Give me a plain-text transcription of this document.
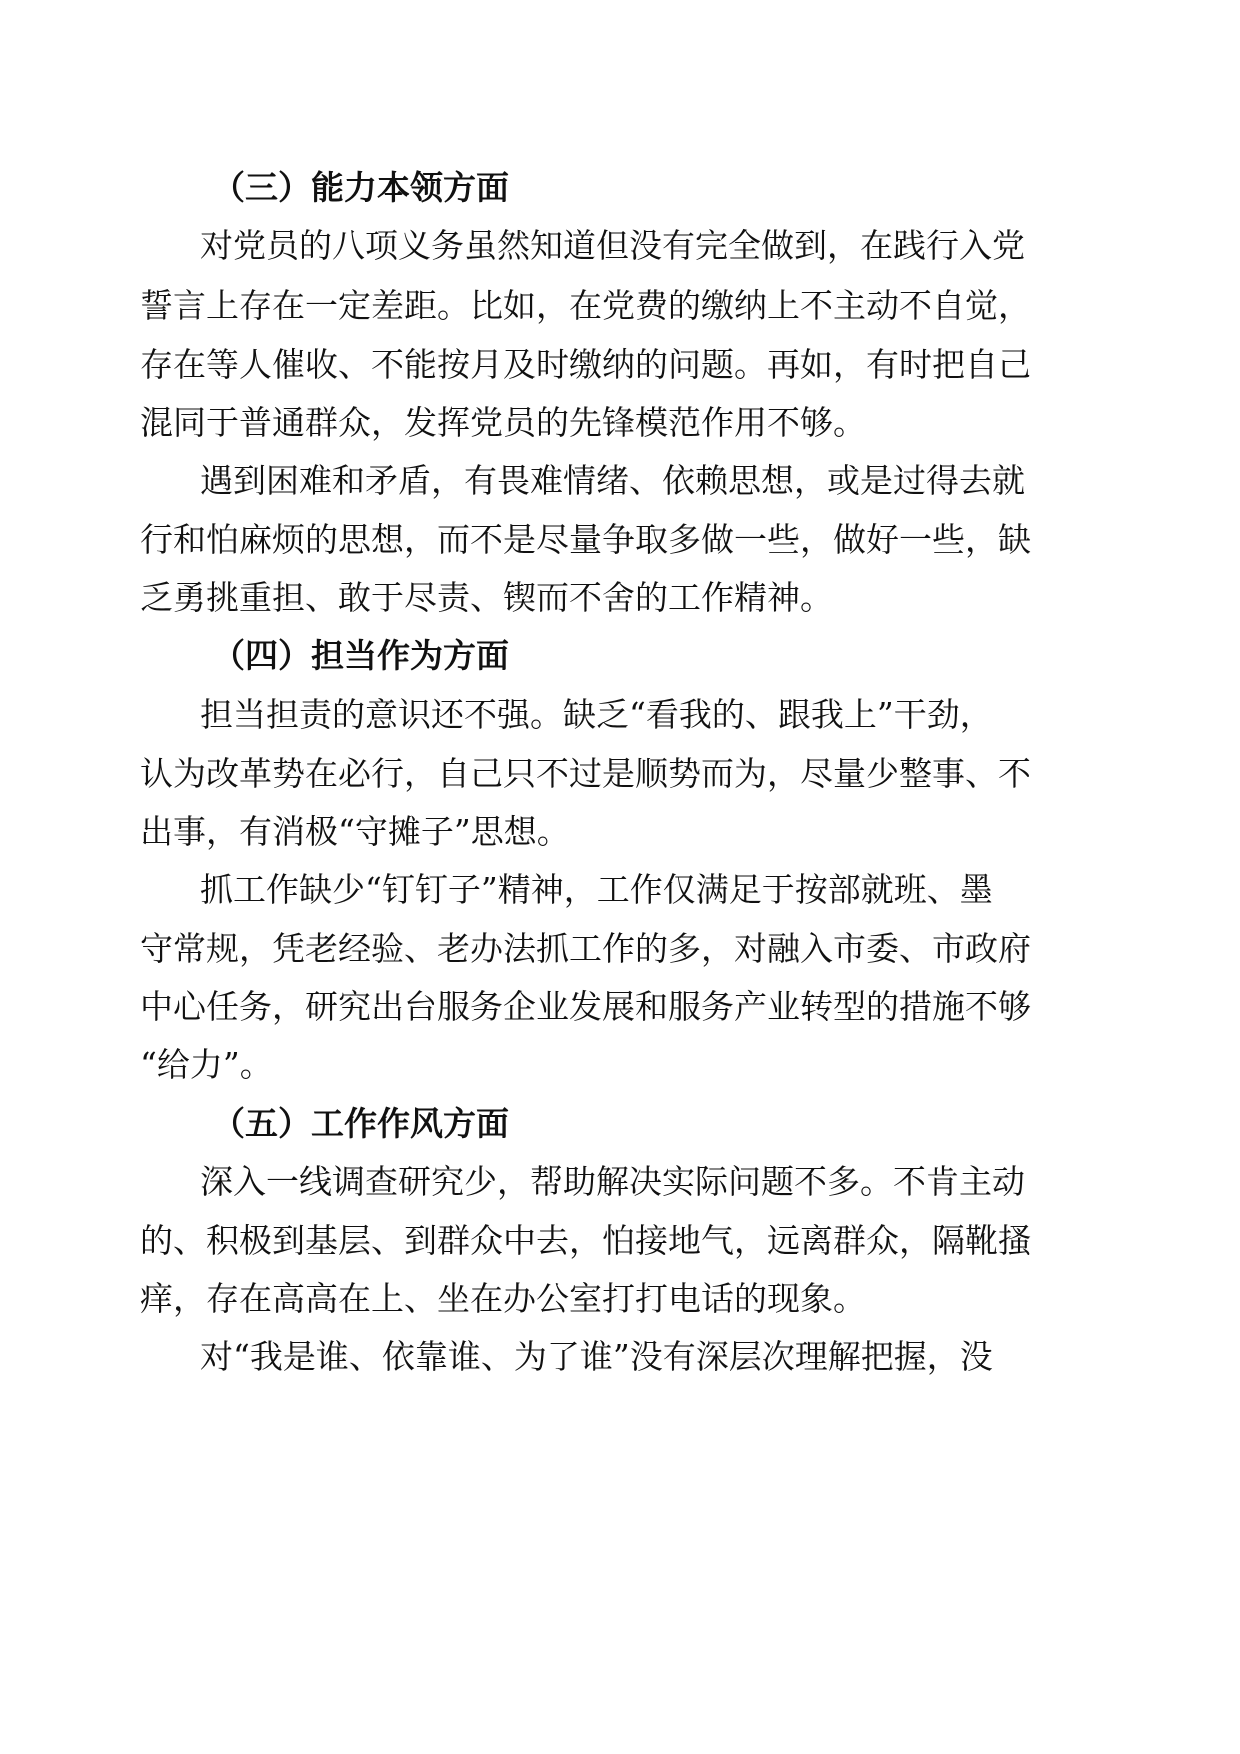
（三）能力本领方面
对党员的八项义务虽然知道但没有完全做到，在践行入党
誓言上存在一定差距。比如，在党费的缴纳上不主动不自觉，
存在等人催收、不能按月及时缴纳的问题。再如，有时把自己
混同于普通群众，发挥党员的先锋模范作用不够。
遇到困难和矛盾，有畏难情绪、依赖思想，或是过得去就
行和怕麻烦的思想，而不是尽量争取多做一些，做好一些，缺
乏勇挑重担、敢于尽责、锲而不舍的工作精神。
（四）担当作为方面
担当担责的意识还不强。缺乏“看我的、跟我上”干劲，
认为改革势在必行，自己只不过是顺势而为，尽量少整事、不
出事，有消极“守摊子”思想。
抓工作缺少“钉钉子”精神，工作仅满足于按部就班、墨
守常规，凭老经验、老办法抓工作的多，对融入市委、市政府
中心任务，研究出台服务企业发展和服务产业转型的措施不够
“给力”。
（五）工作作风方面
深入一线调查研究少，帮助解决实际问题不多。不肯主动
的、积极到基层、到群众中去，怕接地气，远离群众，隔靴搔
痒，存在高高在上、坐在办公室打打电话的现象。
对“我是谁、依靠谁、为了谁”没有深层次理解把握，没
